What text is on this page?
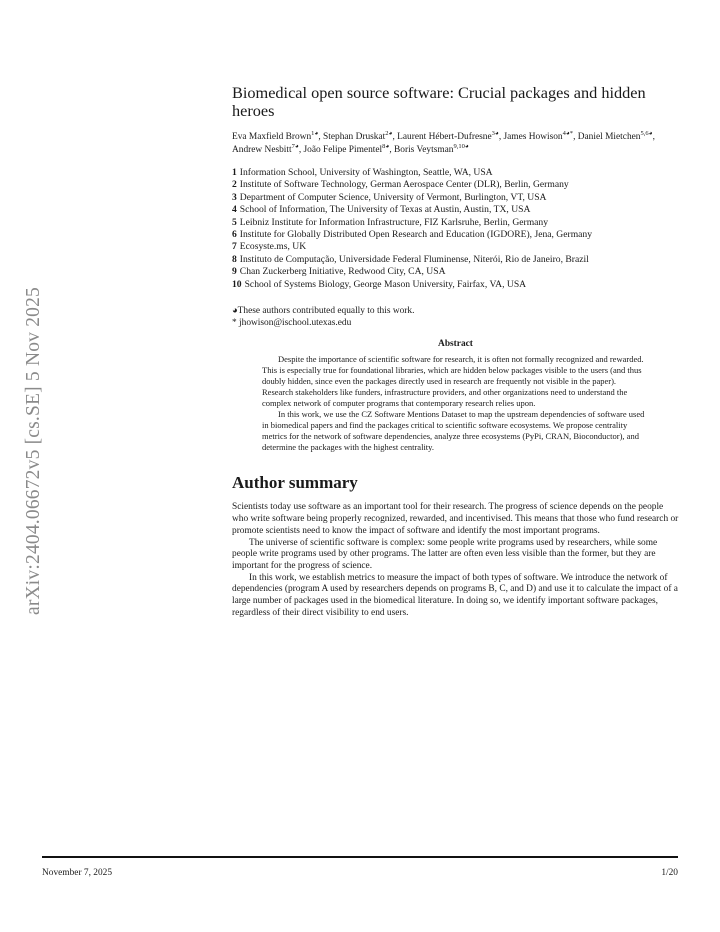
arXiv:2404.06672v5 [cs.SE] 5 Nov 2025
Biomedical open source software: Crucial packages and hidden heroes
Eva Maxfield Brown$^{1◕}$, Stephan Druskat$^{2◕}$, Laurent Hébert-Dufresne$^{3◕}$, James Howison$^{4◕*}$, Daniel Mietchen$^{5,6◕}$, Andrew Nesbitt$^{7◕}$, João Felipe Pimentel$^{8◕}$, Boris Veytsman$^{9,10◕}$
1 Information School, University of Washington, Seattle, WA, USA
2 Institute of Software Technology, German Aerospace Center (DLR), Berlin, Germany
3 Department of Computer Science, University of Vermont, Burlington, VT, USA
4 School of Information, The University of Texas at Austin, Austin, TX, USA
5 Leibniz Institute for Information Infrastructure, FIZ Karlsruhe, Berlin, Germany
6 Institute for Globally Distributed Open Research and Education (IGDORE), Jena, Germany
7 Ecosyste.ms, UK
8 Instituto de Computação, Universidade Federal Fluminense, Niterói, Rio de Janeiro, Brazil
9 Chan Zuckerberg Initiative, Redwood City, CA, USA
10 School of Systems Biology, George Mason University, Fairfax, VA, USA
◕These authors contributed equally to this work.
* jhowison@ischool.utexas.edu
Abstract

Despite the importance of scientific software for research, it is often not formally recognized and rewarded. This is especially true for foundational libraries, which are hidden below packages visible to the users (and thus doubly hidden, since even the packages directly used in research are frequently not visible in the paper). Research stakeholders like funders, infrastructure providers, and other organizations need to understand the complex network of computer programs that contemporary research relies upon.

In this work, we use the CZ Software Mentions Dataset to map the upstream dependencies of software used in biomedical papers and find the packages critical to scientific software ecosystems. We propose centrality metrics for the network of software dependencies, analyze three ecosystems (PyPi, CRAN, Bioconductor), and determine the packages with the highest centrality.

Author summary

Scientists today use software as an important tool for their research. The progress of science depends on the people who write software being properly recognized, rewarded, and incentivised. This means that those who fund research or promote scientists need to know the impact of software and identify the most important programs.

The universe of scientific software is complex: some people write programs used by researchers, while some people write programs used by other programs. The latter are often even less visible than the former, but they are important for the progress of science.

In this work, we establish metrics to measure the impact of both types of software. We introduce the network of dependencies (program A used by researchers depends on programs B, C, and D) and use it to calculate the impact of a large number of packages used in the biomedical literature. In doing so, we identify important software packages, regardless of their direct visibility to end users.

November 7, 2025	1/20
